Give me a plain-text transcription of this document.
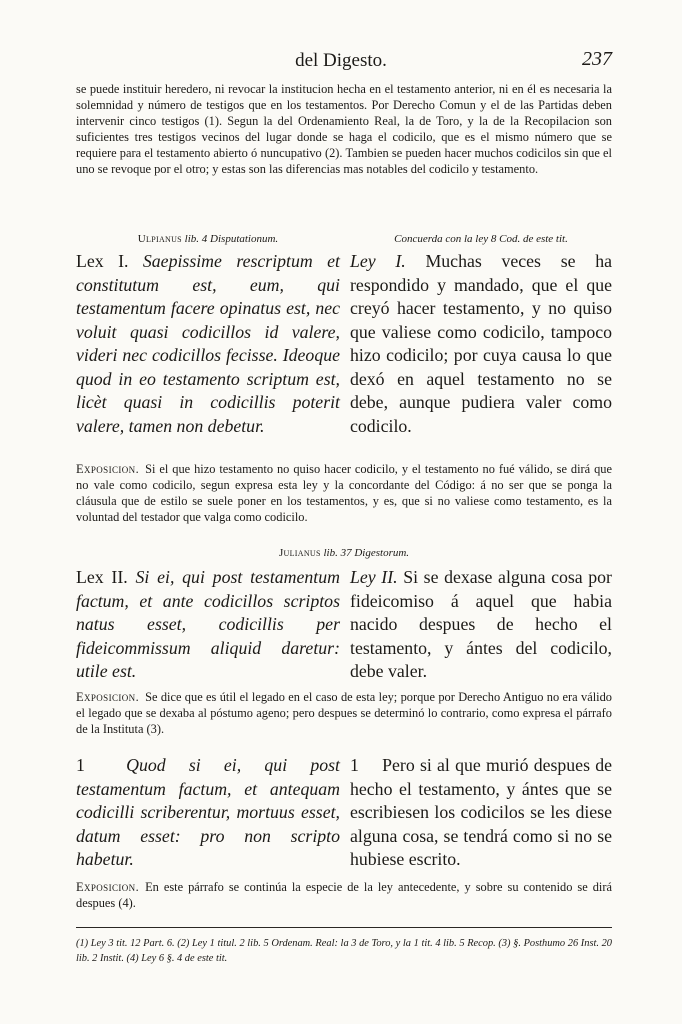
del Digesto.	237
se puede instituir heredero, ni revocar la institucion hecha en el testamento anterior, ni en él es necesaria la solemnidad y número de testigos que en los testamentos. Por Derecho Comun y el de las Partidas deben intervenir cinco testigos (1). Segun la del Ordenamiento Real, la de Toro, y la de la Recopilacion son suficientes tres testigos vecinos del lugar donde se haga el codicilo, que es el mismo número que se requiere para el testamento abierto ó nuncupativo (2). Tambien se pueden hacer muchos codicilos sin que el uno se revoque por el otro; y estas son las diferencias mas notables del codicilo y testamento.
Ulpianus lib. 4 Disputationum.	Concuerda con la ley 8 Cod. de este tit.
Lex I. Saepissime rescriptum et constitutum est, eum, qui testamentum facere opinatus est, nec voluit quasi codicillos id valere, videri nec codicillos fecisse. Ideoque quod in eo testamento scriptum est, licèt quasi in codicillis poterit valere, tamen non debetur.
Ley I. Muchas veces se ha respondido y mandado, que el que creyó hacer testamento, y no quiso que valiese como codicilo, tampoco hizo codicilo; por cuya causa lo que dexó en aquel testamento no se debe, aunque pudiera valer como codicilo.
Exposicion. Si el que hizo testamento no quiso hacer codicilo, y el testamento no fué válido, se dirá que no vale como codicilo, segun expresa esta ley y la concordante del Código: á no ser que se ponga la cláusula que de estilo se suele poner en los testamentos, y es, que si no valiese como testamento, es la voluntad del testador que valga como codicilo.
Julianus lib. 37 Digestorum.
Lex II. Si ei, qui post testamentum factum, et ante codicillos scriptos natus esset, codicillis per fideicommissum aliquid daretur: utile est.
Ley II. Si se dexase alguna cosa por fideicomiso á aquel que habia nacido despues de hecho el testamento, y ántes del codicilo, debe valer.
Exposicion. Se dice que es útil el legado en el caso de esta ley; porque por Derecho Antiguo no era válido el legado que se dexaba al póstumo ageno; pero despues se determinó lo contrario, como expresa el párrafo de la Instituta (3).
1 Quod si ei, qui post testamentum factum, et antequam codicilli scriberentur, mortuus esset, datum esset: pro non scripto habetur.
1 Pero si al que murió despues de hecho el testamento, y ántes que se escribiesen los codicilos se les diese alguna cosa, se tendrá como si no se hubiese escrito.
Exposicion. En este párrafo se continúa la especie de la ley antecedente, y sobre su contenido se dirá despues (4).
(1) Ley 3 tit. 12 Part. 6. (2) Ley 1 titul. 2 lib. 5 Ordenam. Real: la 3 de Toro, y la 1 tit. 4 lib. 5 Recop. (3) §. Posthumo 26 Inst. 20 lib. 2 Instit. (4) Ley 6 §. 4 de este tit.
